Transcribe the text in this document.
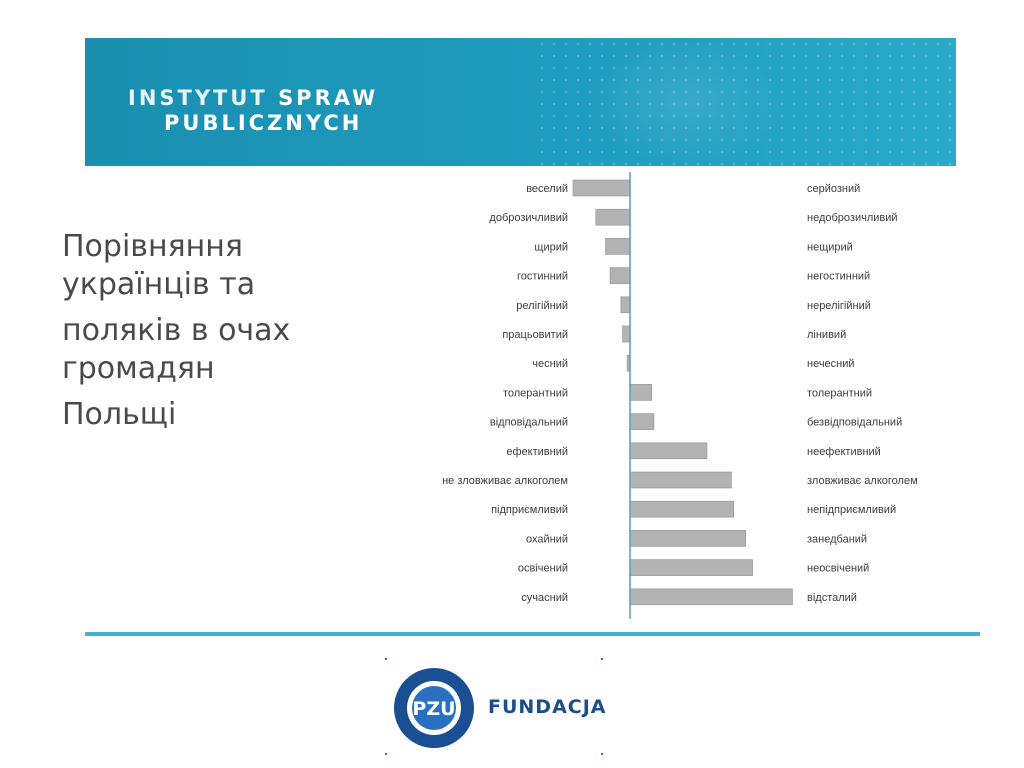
INSTYTUT SPRAW
PUBLICZNYCH

Порівняння
українців та

поляків в очах
громадян

Польщі

веселий
доброзичливий
щирий
гостинний
релігійний
працьовитий
чесний
толерантний
відповідальний
ефективний
не зловживає алкоголем
підприємливий
охайний
освічений
сучасний
серйозний
недоброзичливий
нещирий
негостинний
нерелігійний
лінивий
нечесний
толерантний
безвідповідальний
неефективний
зловживає алкоголем
непідприємливий
занедбаний
неосвічений
відсталий
PZU FUNDACJA
